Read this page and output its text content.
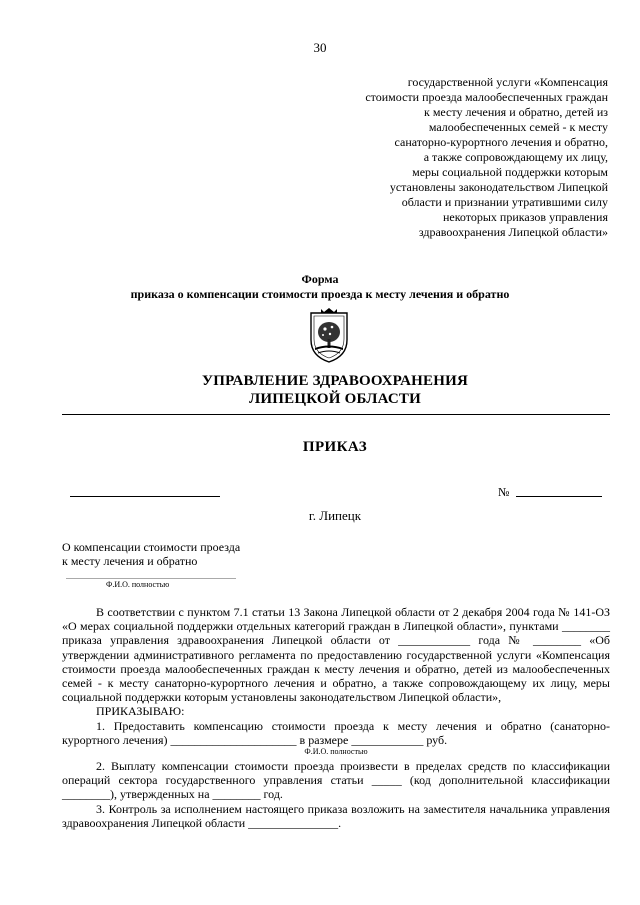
30
государственной услуги «Компенсация
стоимости проезда малообеспеченных граждан
к месту лечения и обратно, детей из
малообеспеченных семей - к месту
санаторно-курортного лечения и обратно,
а также сопровождающему их лицу,
меры социальной поддержки которым
установлены законодательством Липецкой
области и признании утратившими силу
некоторых приказов управления
здравоохранения Липецкой области»
Форма
приказа о компенсации стоимости проезда к месту лечения и обратно
УПРАВЛЕНИЕ ЗДРАВООХРАНЕНИЯ
ЛИПЕЦКОЙ ОБЛАСТИ
ПРИКАЗ
№
г. Липецк
О компенсации стоимости проезда
к месту лечения и обратно
Ф.И.О. полностью

В соответствии с пунктом 7.1 статьи 13 Закона Липецкой области от 2 декабря 2004 года № 141-ОЗ «О мерах социальной поддержки отдельных категорий граждан в Липецкой области», пунктами ________ приказа управления здравоохранения Липецкой области от ____________ года № ________ «Об утверждении административного регламента по предоставлению государственной услуги «Компенсация стоимости проезда малообеспеченных граждан к месту лечения и обратно, детей из малообеспеченных семей - к месту санаторно-курортного лечения и обратно, а также сопровождающему их лицу, меры социальной поддержки которым установлены законодательством Липецкой области»,

ПРИКАЗЫВАЮ:

1. Предоставить компенсацию стоимости проезда к месту лечения и обратно (санаторно-курортного лечения) _____________________ в размере ____________ руб.

Ф.И.О. полностью

2. Выплату компенсации стоимости проезда произвести в пределах средств по классификации операций сектора государственного управления статьи _____ (код дополнительной классификации ________), утвержденных на ________ год.

3. Контроль за исполнением настоящего приказа возложить на заместителя начальника управления здравоохранения Липецкой области _______________.
